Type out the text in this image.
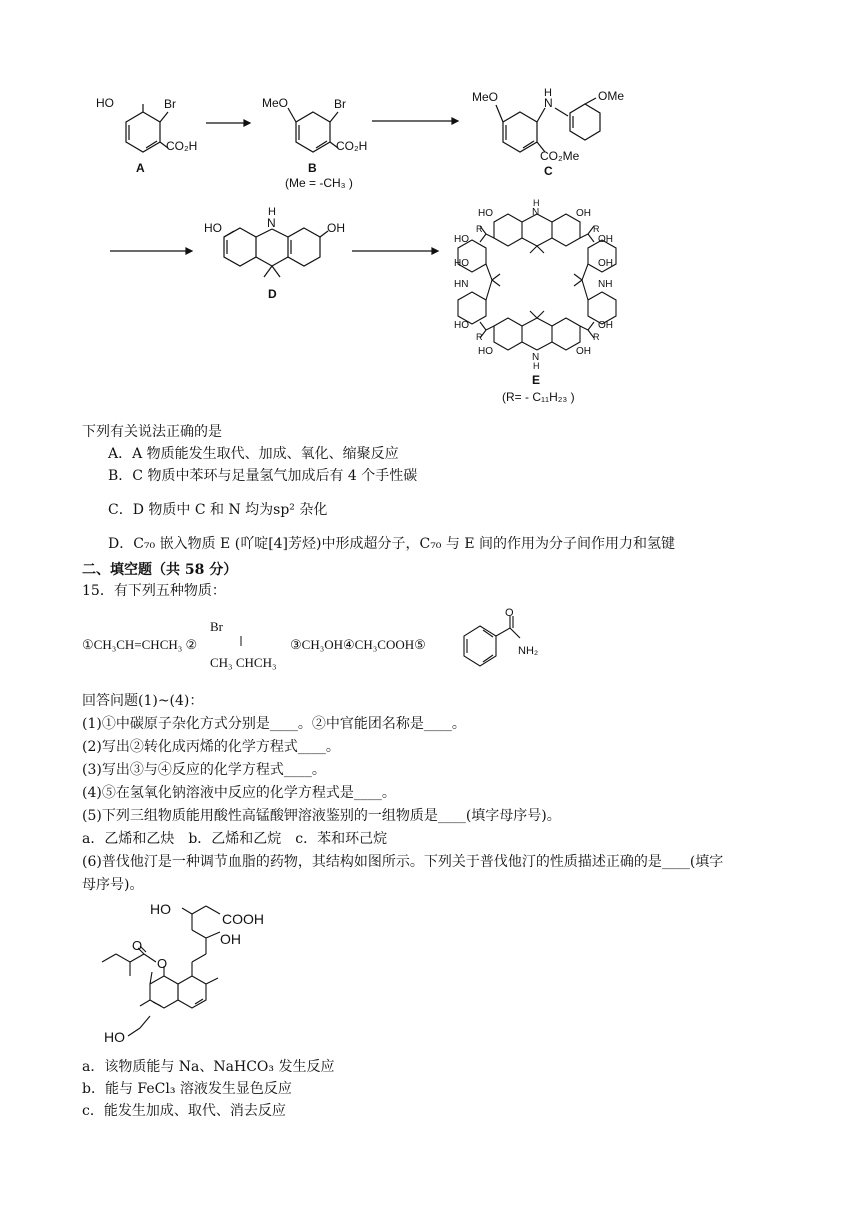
HO	Br
CO₂H
A
MeO	Br
CO₂H
B
(Me = -CH₃ )
MeO	H
N	OMe
CO₂Me
C
HO
H
N	OH
D
HO
H
N	OH
R	R
HO	OH
HO	OH
HN	NH
HO	OH
R	R
HO
N
H
OH
E
(R= - C₁₁H₂₃ )
下列有关说法正确的是
A．A 物质能发生取代、加成、氧化、缩聚反应
B．C 物质中苯环与足量氢气加成后有 4 个手性碳
C．D 物质中 C 和 N 均为sp² 杂化
D．C₇₀ 嵌入物质 E (吖啶[4]芳烃)中形成超分子，C₇₀ 与 E 间的作用为分子间作用力和氢键
二、填空题（共 58 分）
15．有下列五种物质：
①CH₃CH=CHCH₃ ②
Br
CH₃ CHCH₃
③CH₃OH④CH₃COOH⑤
O
NH₂
回答问题(1)~(4)：
(1)①中碳原子杂化方式分别是____。②中官能团名称是____。
(2)写出②转化成丙烯的化学方程式____。
(3)写出③与④反应的化学方程式____。
(4)⑤在氢氧化钠溶液中反应的化学方程式是____。
(5)下列三组物质能用酸性高锰酸钾溶液鉴别的一组物质是____(填字母序号)。
a．乙烯和乙炔　b．乙烯和乙烷　c．苯和环己烷
(6)普伐他汀是一种调节血脂的药物，其结构如图所示。下列关于普伐他汀的性质描述正确的是____(填字
母序号)。
HO
COOH
OH
O
O
HO
a．该物质能与 Na、NaHCO₃ 发生反应
b．能与 FeCl₃ 溶液发生显色反应
c．能发生加成、取代、消去反应
